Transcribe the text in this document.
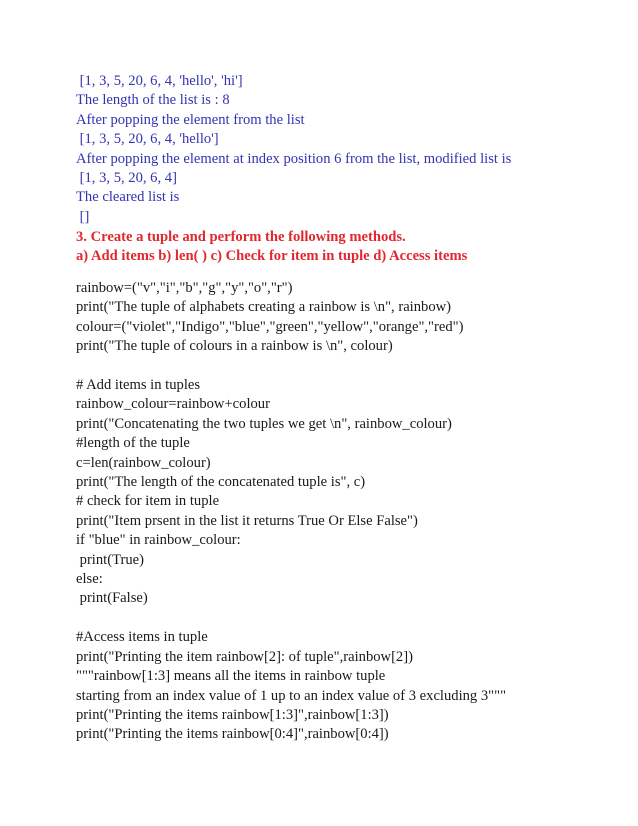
[1, 3, 5, 20, 6, 4, 'hello', 'hi']
The length of the list is : 8
After popping the element from the list
[1, 3, 5, 20, 6, 4, 'hello']
After popping the element at index position 6 from the list, modified list is
[1, 3, 5, 20, 6, 4]
The cleared list is
[]
3. Create a tuple and perform the following methods.
a) Add items b) len( ) c) Check for item in tuple d) Access items
rainbow=("v","i","b","g","y","o","r")
print("The tuple of alphabets creating a rainbow is \n", rainbow)
colour=("violet","Indigo","blue","green","yellow","orange","red")
print("The tuple of colours in a rainbow is \n", colour)
# Add items in tuples
rainbow_colour=rainbow+colour
print("Concatenating the two tuples we get \n", rainbow_colour)
#length of the tuple
c=len(rainbow_colour)
print("The length of the concatenated tuple is", c)
# check for item in tuple
print("Item prsent in the list it returns True Or Else False")
if "blue" in rainbow_colour:
print(True)
else:
print(False)
#Access items in tuple
print("Printing the item rainbow[2]: of tuple",rainbow[2])
"""rainbow[1:3] means all the items in rainbow tuple
starting from an index value of 1 up to an index value of 3 excluding 3"""
print("Printing the items rainbow[1:3]",rainbow[1:3])
print("Printing the items rainbow[0:4]",rainbow[0:4])
